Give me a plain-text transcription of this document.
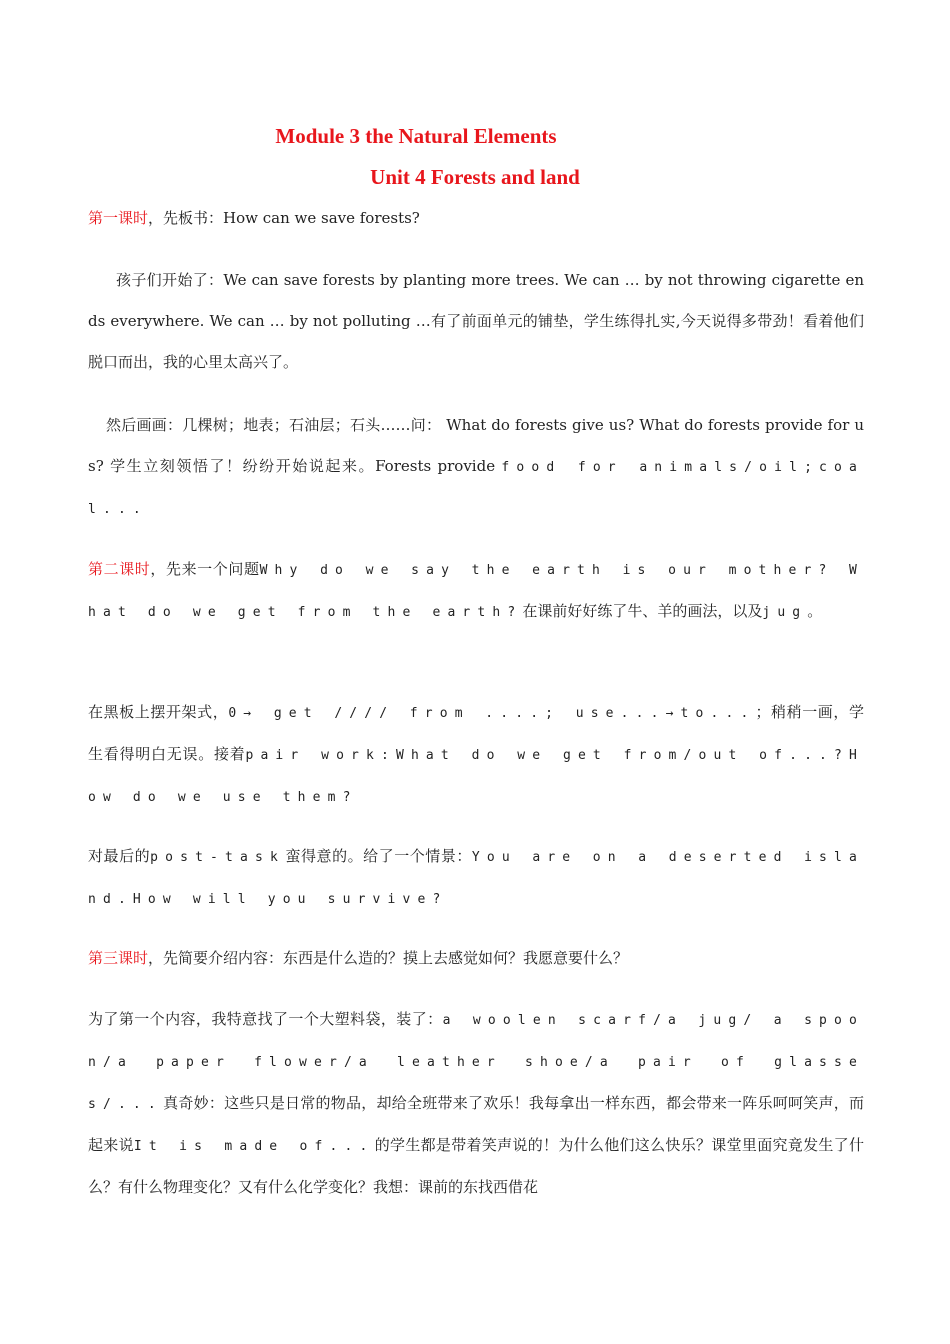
Module 3 the Natural Elements
Unit 4 Forests and land

第一课时，先板书：How can we save forests?

孩子们开始了：We can save forests by planting more trees. We can … by not throwing cigarette ends everywhere. We can … by not polluting …有了前面单元的铺垫，学生练得扎实,今天说得多带劲！看着他们脱口而出，我的心里太高兴了。

然后画画：几棵树；地表；石油层；石头……问： What do forests give us? What do forests provide for us? 学生立刻领悟了！纷纷开始说起来。Forests provide food for animals/oil;coal...

第二课时，先来一个问题Why do we say the earth is our mother? What do we get from the earth?在课前好好练了牛、羊的画法，以及jug。

在黑板上摆开架式，0→ get //// from ....; use...→to...；稍稍一画，学生看得明白无误。接着pair work:What do we get from/out of...?How do we use them?

对最后的post-task蛮得意的。给了一个情景：You are on a deserted island.How will you survive?

第三课时，先简要介绍内容：东西是什么造的？摸上去感觉如何？我愿意要什么？

为了第一个内容，我特意找了一个大塑料袋，装了：a woolen scarf/a jug/ a spoon/a paper flower/a leather shoe/a pair of glasses/...真奇妙：这些只是日常的物品，却给全班带来了欢乐！我每拿出一样东西，都会带来一阵乐呵呵笑声，而起来说It is made of...的学生都是带着笑声说的！为什么他们这么快乐？课堂里面究竟发生了什么？有什么物理变化？又有什么化学变化？我想：课前的东找西借花
